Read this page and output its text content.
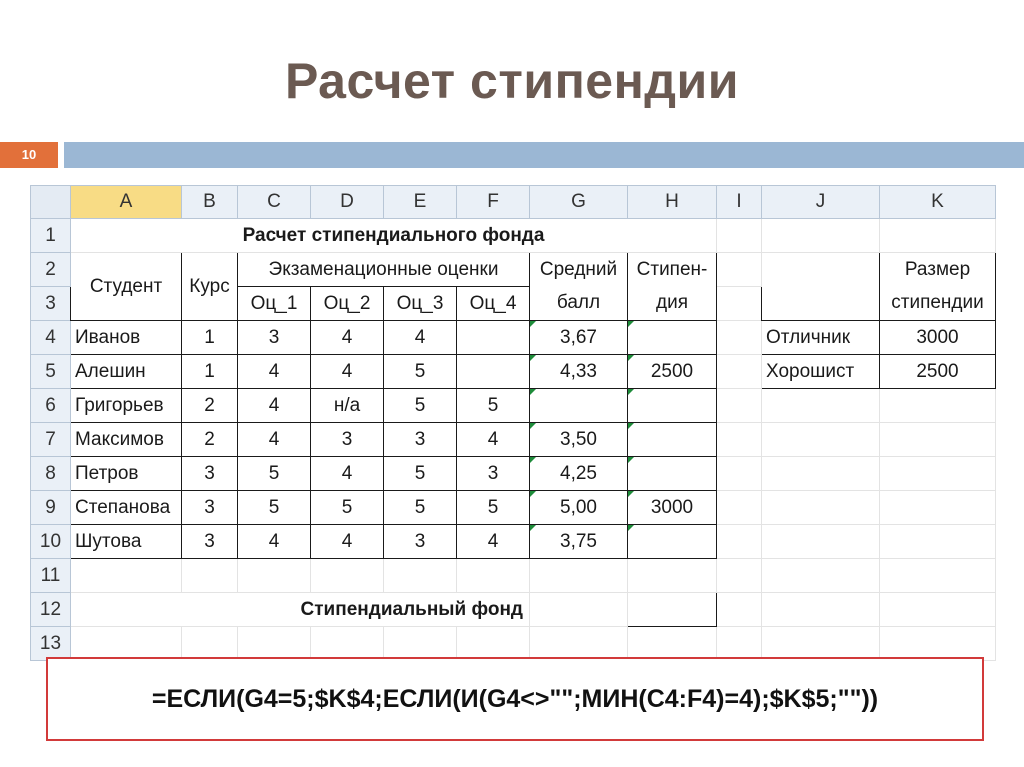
Расчет стипендии
10
	A	B	C	D	E	F	G	H	I	J	K
1	Расчет стипендиального фонда										
2	Студент	Курс	Экзаменационные оценки				Средний	Стипен-			Размер
3			Оц_1	Оц_2	Оц_3	Оц_4	балл	дия			стипендии
4	Иванов	1	3	4	4		3,67			Отличник	3000
5	Алешин	1	4	4	5		4,33	2500		Хорошист	2500
6	Григорьев	2	4	н/а	5	5					
7	Максимов	2	4	3	3	4	3,50				
8	Петров	3	5	4	5	3	4,25				
9	Степанова	3	5	5	5	5	5,00	3000			
10	Шутова	3	4	4	3	4	3,75				
11											
12	Стипендиальный фонд										
13											
=ЕСЛИ(G4=5;$K$4;ЕСЛИ(И(G4<>"";МИН(C4:F4)=4);$K$5;""))
